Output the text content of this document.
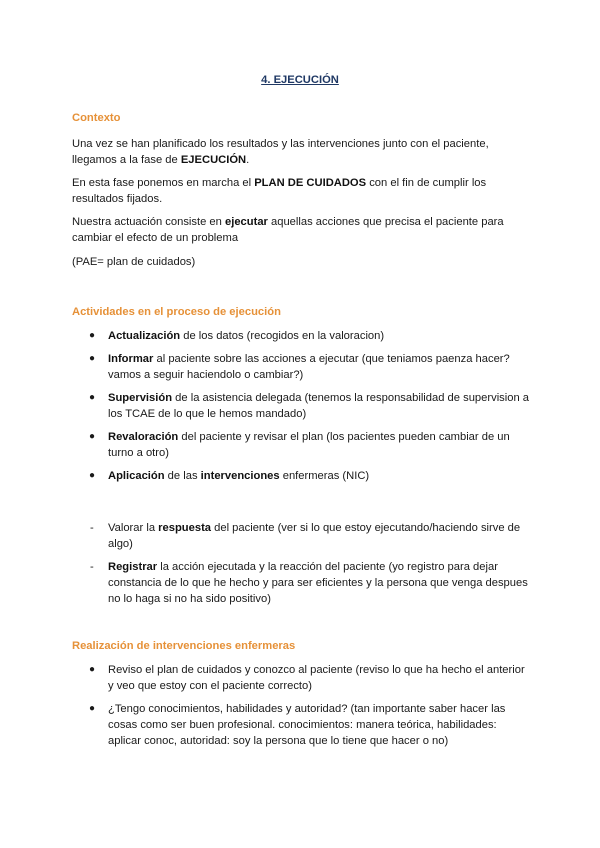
4. EJECUCIÓN
Contexto

Una vez se han planificado los resultados y las intervenciones junto con el paciente, llegamos a la fase de EJECUCIÓN.

En esta fase ponemos en marcha el PLAN DE CUIDADOS con el fin de cumplir los resultados fijados.

Nuestra actuación consiste en ejecutar aquellas acciones que precisa el paciente para cambiar el efecto de un problema

(PAE= plan de cuidados)

Actividades en el proceso de ejecución
● Actualización de los datos (recogidos en la valoracion)
● Informar al paciente sobre las acciones a ejecutar (que teniamos paenza hacer? vamos a seguir haciendolo o cambiar?)
● Supervisión de la asistencia delegada (tenemos la responsabilidad de supervision a los TCAE de lo que le hemos mandado)
● Revaloración del paciente y revisar el plan (los pacientes pueden cambiar de un turno a otro)
● Aplicación de las intervenciones enfermeras (NIC)
- Valorar la respuesta del paciente (ver si lo que estoy ejecutando/haciendo sirve de algo)
- Registrar la acción ejecutada y la reacción del paciente (yo registro para dejar constancia de lo que he hecho y para ser eficientes y la persona que venga despues no lo haga si no ha sido positivo)
Realización de intervenciones enfermeras
● Reviso el plan de cuidados y conozco al paciente (reviso lo que ha hecho el anterior y veo que estoy con el paciente correcto)
● ¿Tengo conocimientos, habilidades y autoridad? (tan importante saber hacer las cosas como ser buen profesional. conocimientos: manera teórica, habilidades: aplicar conoc, autoridad: soy la persona que lo tiene que hacer o no)
